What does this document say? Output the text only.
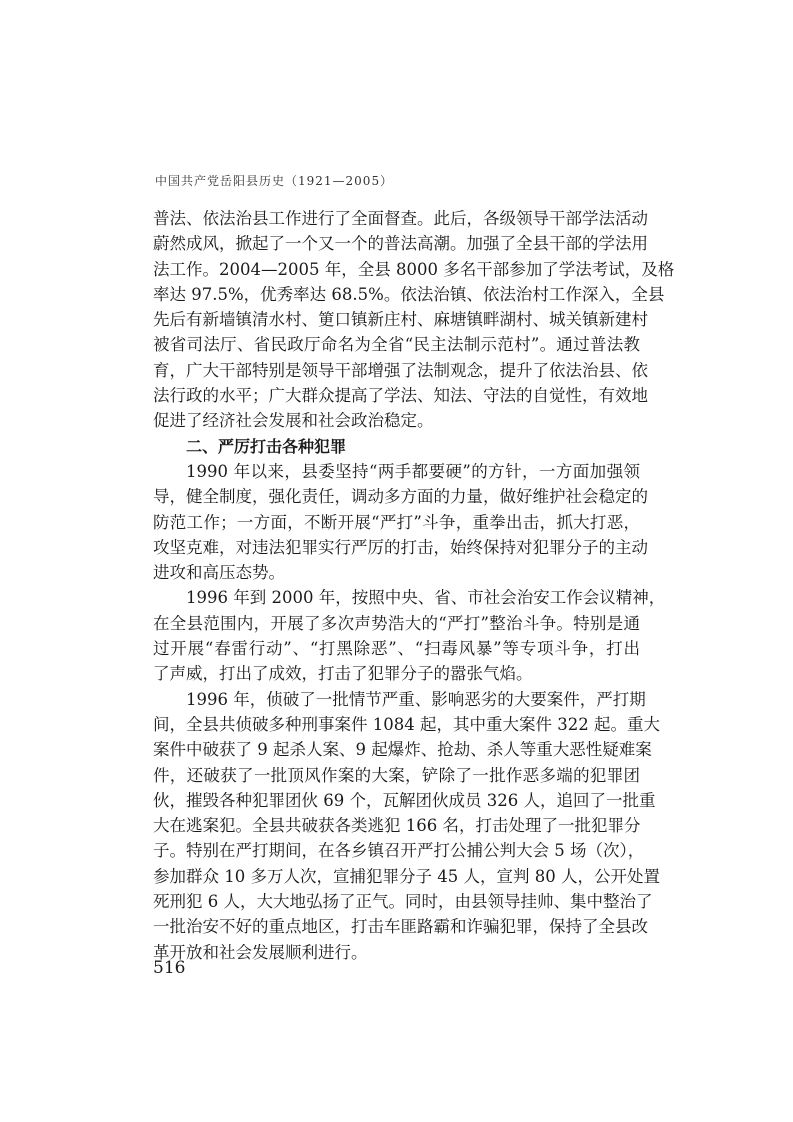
中国共产党岳阳县历史（1921—2005）
普法、依法治县工作进行了全面督查。此后，各级领导干部学法活动
蔚然成风，掀起了一个又一个的普法高潮。加强了全县干部的学法用
法工作。2004—2005 年，全县 8000 多名干部参加了学法考试，及格
率达 97.5%，优秀率达 68.5%。依法治镇、依法治村工作深入，全县
先后有新墙镇清水村、筻口镇新庄村、麻塘镇畔湖村、城关镇新建村
被省司法厅、省民政厅命名为全省“民主法制示范村”。通过普法教
育，广大干部特别是领导干部增强了法制观念，提升了依法治县、依
法行政的水平；广大群众提高了学法、知法、守法的自觉性，有效地
促进了经济社会发展和社会政治稳定。
二、严厉打击各种犯罪
1990 年以来，县委坚持“两手都要硬”的方针，一方面加强领
导，健全制度，强化责任，调动多方面的力量，做好维护社会稳定的
防范工作；一方面，不断开展“严打”斗争，重拳出击，抓大打恶，
攻坚克难，对违法犯罪实行严厉的打击，始终保持对犯罪分子的主动
进攻和高压态势。
1996 年到 2000 年，按照中央、省、市社会治安工作会议精神，
在全县范围内，开展了多次声势浩大的“严打”整治斗争。特别是通
过开展“春雷行动”、“打黑除恶”、“扫毒风暴”等专项斗争，打出
了声威，打出了成效，打击了犯罪分子的嚣张气焰。
1996 年，侦破了一批情节严重、影响恶劣的大要案件，严打期
间，全县共侦破多种刑事案件 1084 起，其中重大案件 322 起。重大
案件中破获了 9 起杀人案、9 起爆炸、抢劫、杀人等重大恶性疑难案
件，还破获了一批顶风作案的大案，铲除了一批作恶多端的犯罪团
伙，摧毁各种犯罪团伙 69 个，瓦解团伙成员 326 人，追回了一批重
大在逃案犯。全县共破获各类逃犯 166 名，打击处理了一批犯罪分
子。特别在严打期间，在各乡镇召开严打公捕公判大会 5 场（次），
参加群众 10 多万人次，宣捕犯罪分子 45 人，宣判 80 人，公开处置
死刑犯 6 人，大大地弘扬了正气。同时，由县领导挂帅、集中整治了
一批治安不好的重点地区，打击车匪路霸和诈骗犯罪，保持了全县改
革开放和社会发展顺利进行。
516
